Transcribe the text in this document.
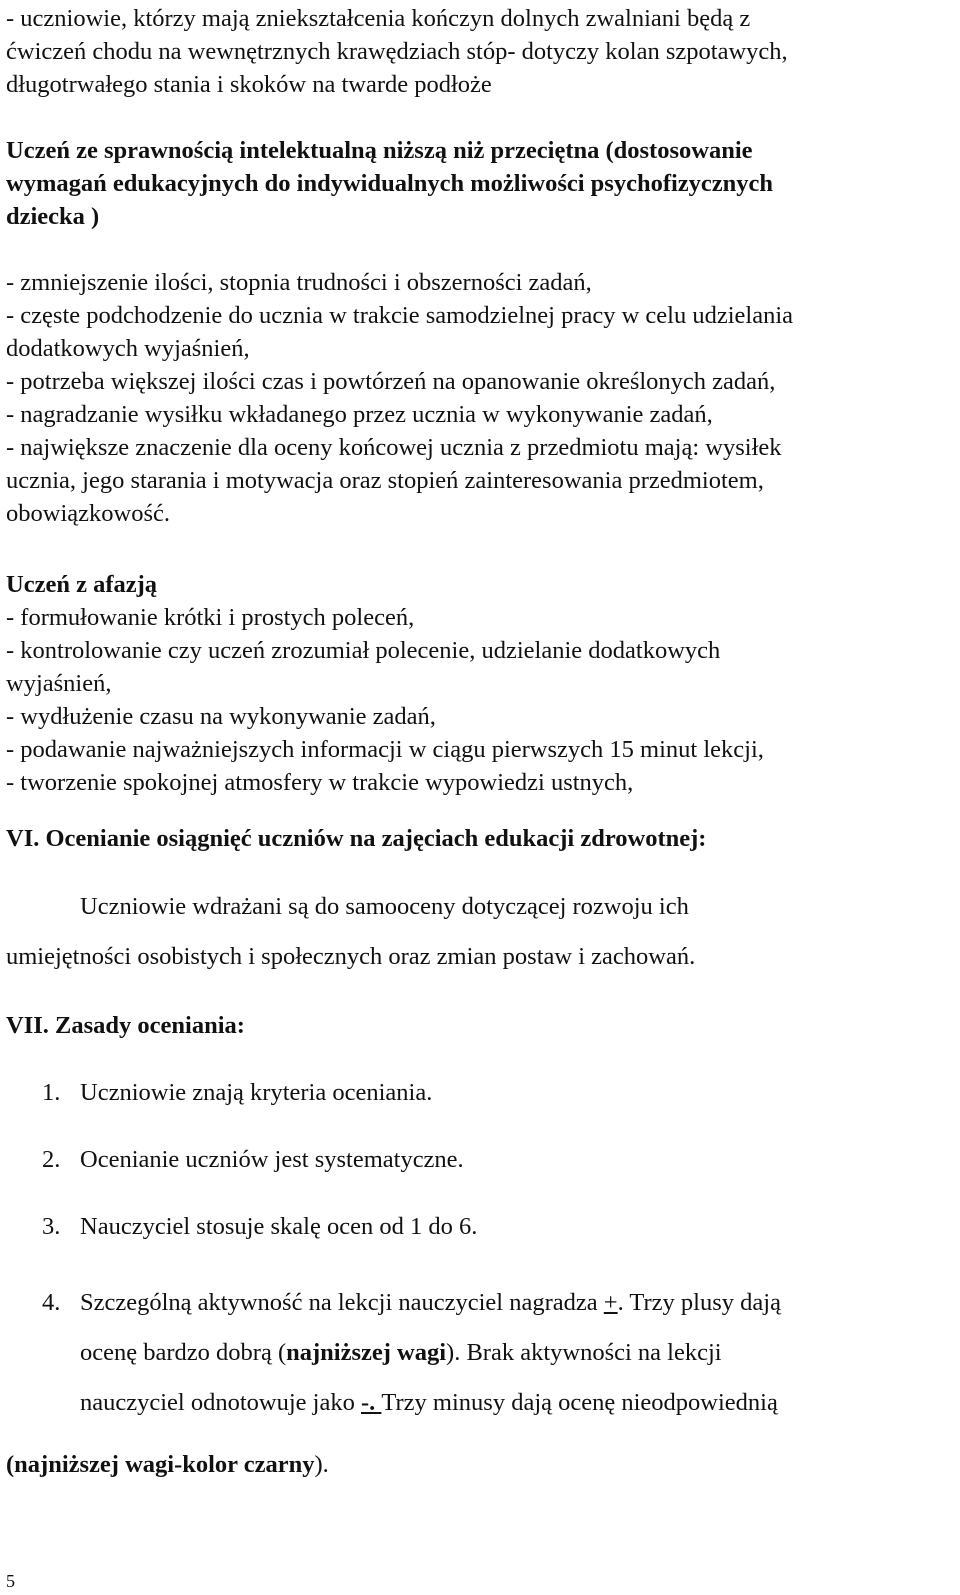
- uczniowie, którzy mają zniekształcenia kończyn dolnych zwalniani będą z

ćwiczeń chodu na wewnętrznych krawędziach stóp- dotyczy kolan szpotawych,

długotrwałego stania i skoków na twarde podłoże

Uczeń ze sprawnością intelektualną niższą niż przeciętna (dostosowanie

wymagań edukacyjnych do indywidualnych możliwości psychofizycznych

dziecka )

- zmniejszenie ilości, stopnia trudności i obszerności zadań,

- częste podchodzenie do ucznia w trakcie samodzielnej pracy w celu udzielania

dodatkowych wyjaśnień,

- potrzeba większej ilości czas i powtórzeń na opanowanie określonych zadań,

- nagradzanie wysiłku wkładanego przez ucznia w wykonywanie zadań,

- największe znaczenie dla oceny końcowej ucznia z przedmiotu mają: wysiłek

ucznia, jego starania i motywacja oraz stopień zainteresowania przedmiotem,

obowiązkowość.

Uczeń z afazją

- formułowanie krótki i prostych poleceń,

- kontrolowanie czy uczeń zrozumiał polecenie, udzielanie dodatkowych

wyjaśnień,

- wydłużenie czasu na wykonywanie zadań,

- podawanie najważniejszych informacji w ciągu pierwszych 15 minut lekcji,

- tworzenie spokojnej atmosfery w trakcie wypowiedzi ustnych,

VI. Ocenianie osiągnięć uczniów na zajęciach edukacji zdrowotnej:

Uczniowie wdrażani są do samooceny dotyczącej rozwoju ich

umiejętności osobistych i społecznych oraz zmian postaw i zachowań.

VII. Zasady oceniania:

1. Uczniowie znają kryteria oceniania.
2. Ocenianie uczniów jest systematyczne.
3. Nauczyciel stosuje skalę ocen od 1 do 6.
4. Szczególną aktywność na lekcji nauczyciel nagradza +. Trzy plusy dają

ocenę bardzo dobrą (najniższej wagi). Brak aktywności na lekcji

nauczyciel odnotowuje jako -. Trzy minusy dają ocenę nieodpowiednią

(najniższej wagi-kolor czarny).

5
